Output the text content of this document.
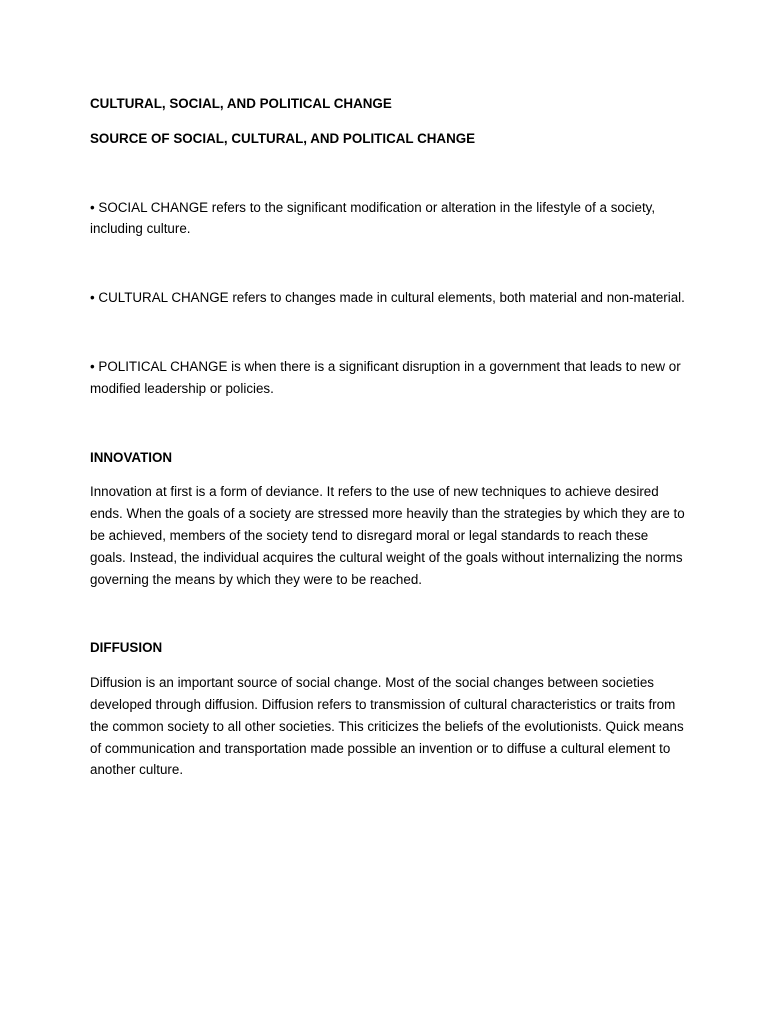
CULTURAL, SOCIAL, AND POLITICAL CHANGE

SOURCE OF SOCIAL, CULTURAL, AND POLITICAL CHANGE

• SOCIAL CHANGE refers to the significant modification or alteration in the lifestyle of a society, including culture.

• CULTURAL CHANGE refers to changes made in cultural elements, both material and non-material.

• POLITICAL CHANGE is when there is a significant disruption in a government that leads to new or modified leadership or policies.

INNOVATION

Innovation at first is a form of deviance. It refers to the use of new techniques to achieve desired ends. When the goals of a society are stressed more heavily than the strategies by which they are to be achieved, members of the society tend to disregard moral or legal standards to reach these goals. Instead, the individual acquires the cultural weight of the goals without internalizing the norms governing the means by which they were to be reached.

DIFFUSION

Diffusion is an important source of social change. Most of the social changes between societies developed through diffusion. Diffusion refers to transmission of cultural characteristics or traits from the common society to all other societies. This criticizes the beliefs of the evolutionists. Quick means of communication and transportation made possible an invention or to diffuse a cultural element to another culture.
